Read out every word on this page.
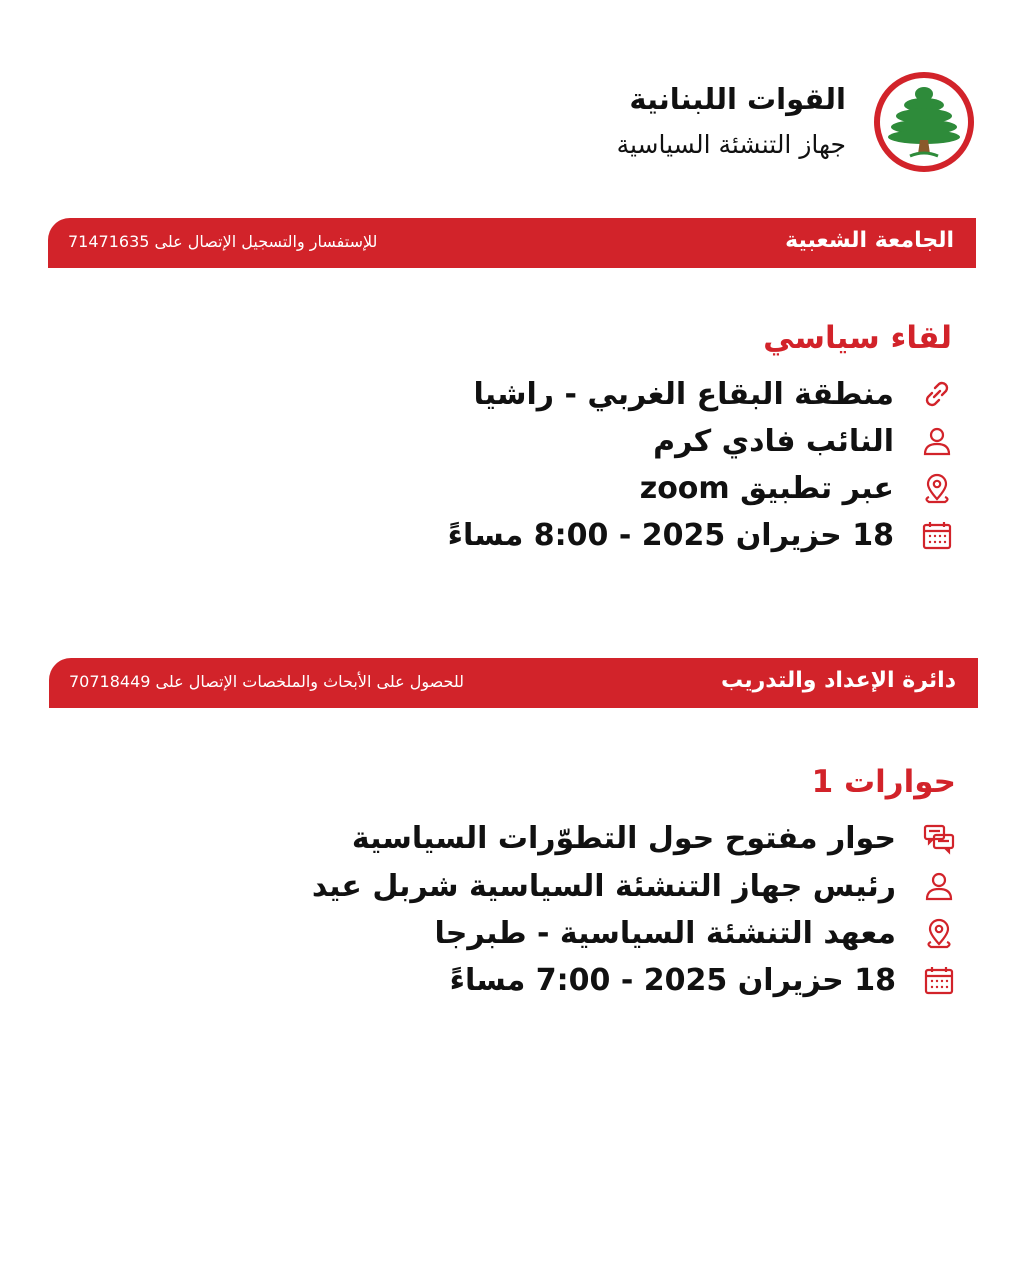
القوات اللبنانية
جهاز التنشئة السياسية
الجامعة الشعبية
للإستفسار والتسجيل الإتصال على 71471635
لقاء سياسي
منطقة البقاع الغربي - راشيا
النائب فادي كرم
عبر تطبيق zoom
18 حزيران 2025 - 8:00 مساءً
دائرة الإعداد والتدريب
للحصول على الأبحاث والملخصات الإتصال على 70718449
حوارات 1
حوار مفتوح حول التطوّرات السياسية
رئيس جهاز التنشئة السياسية شربل عيد
معهد التنشئة السياسية - طبرجا
18 حزيران 2025 - 7:00 مساءً
